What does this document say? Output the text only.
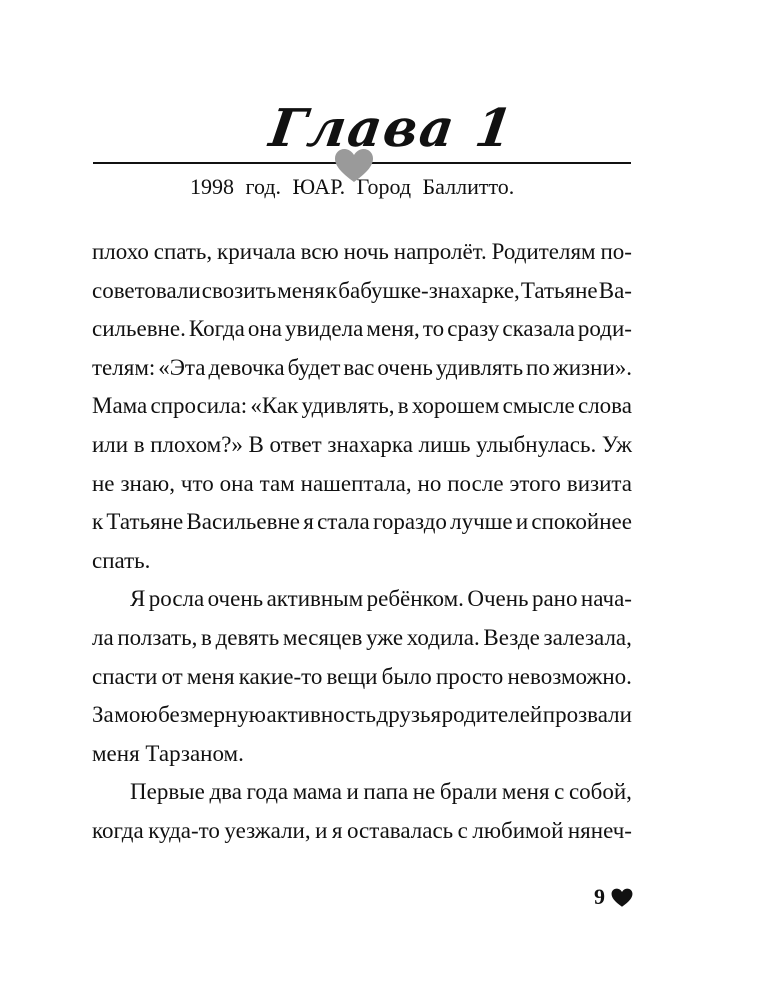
Глава 1
1998 год. ЮАР. Город Баллитто.
плохо спать, кричала всю ночь напролёт. Родителям по-
советовали свозить меня к бабушке-знахарке, Татьяне Ва-
сильевне. Когда она увидела меня, то сразу сказала роди-
телям: «Эта девочка будет вас очень удивлять по жизни».
Мама спросила: «Как удивлять, в хорошем смысле слова
или в плохом?» В ответ знахарка лишь улыбнулась. Уж
не знаю, что она там нашептала, но после этого визита
к Татьяне Васильевне я стала гораздо лучше и спокойнее
спать.
Я росла очень активным ребёнком. Очень рано нача-
ла ползать, в девять месяцев уже ходила. Везде залезала,
спасти от меня какие-то вещи было просто невозможно.
За мою безмерную активность друзья родителей прозвали
меня Тарзаном.
Первые два года мама и папа не брали меня с собой,
когда куда-то уезжали, и я оставалась с любимой нянеч-
9
